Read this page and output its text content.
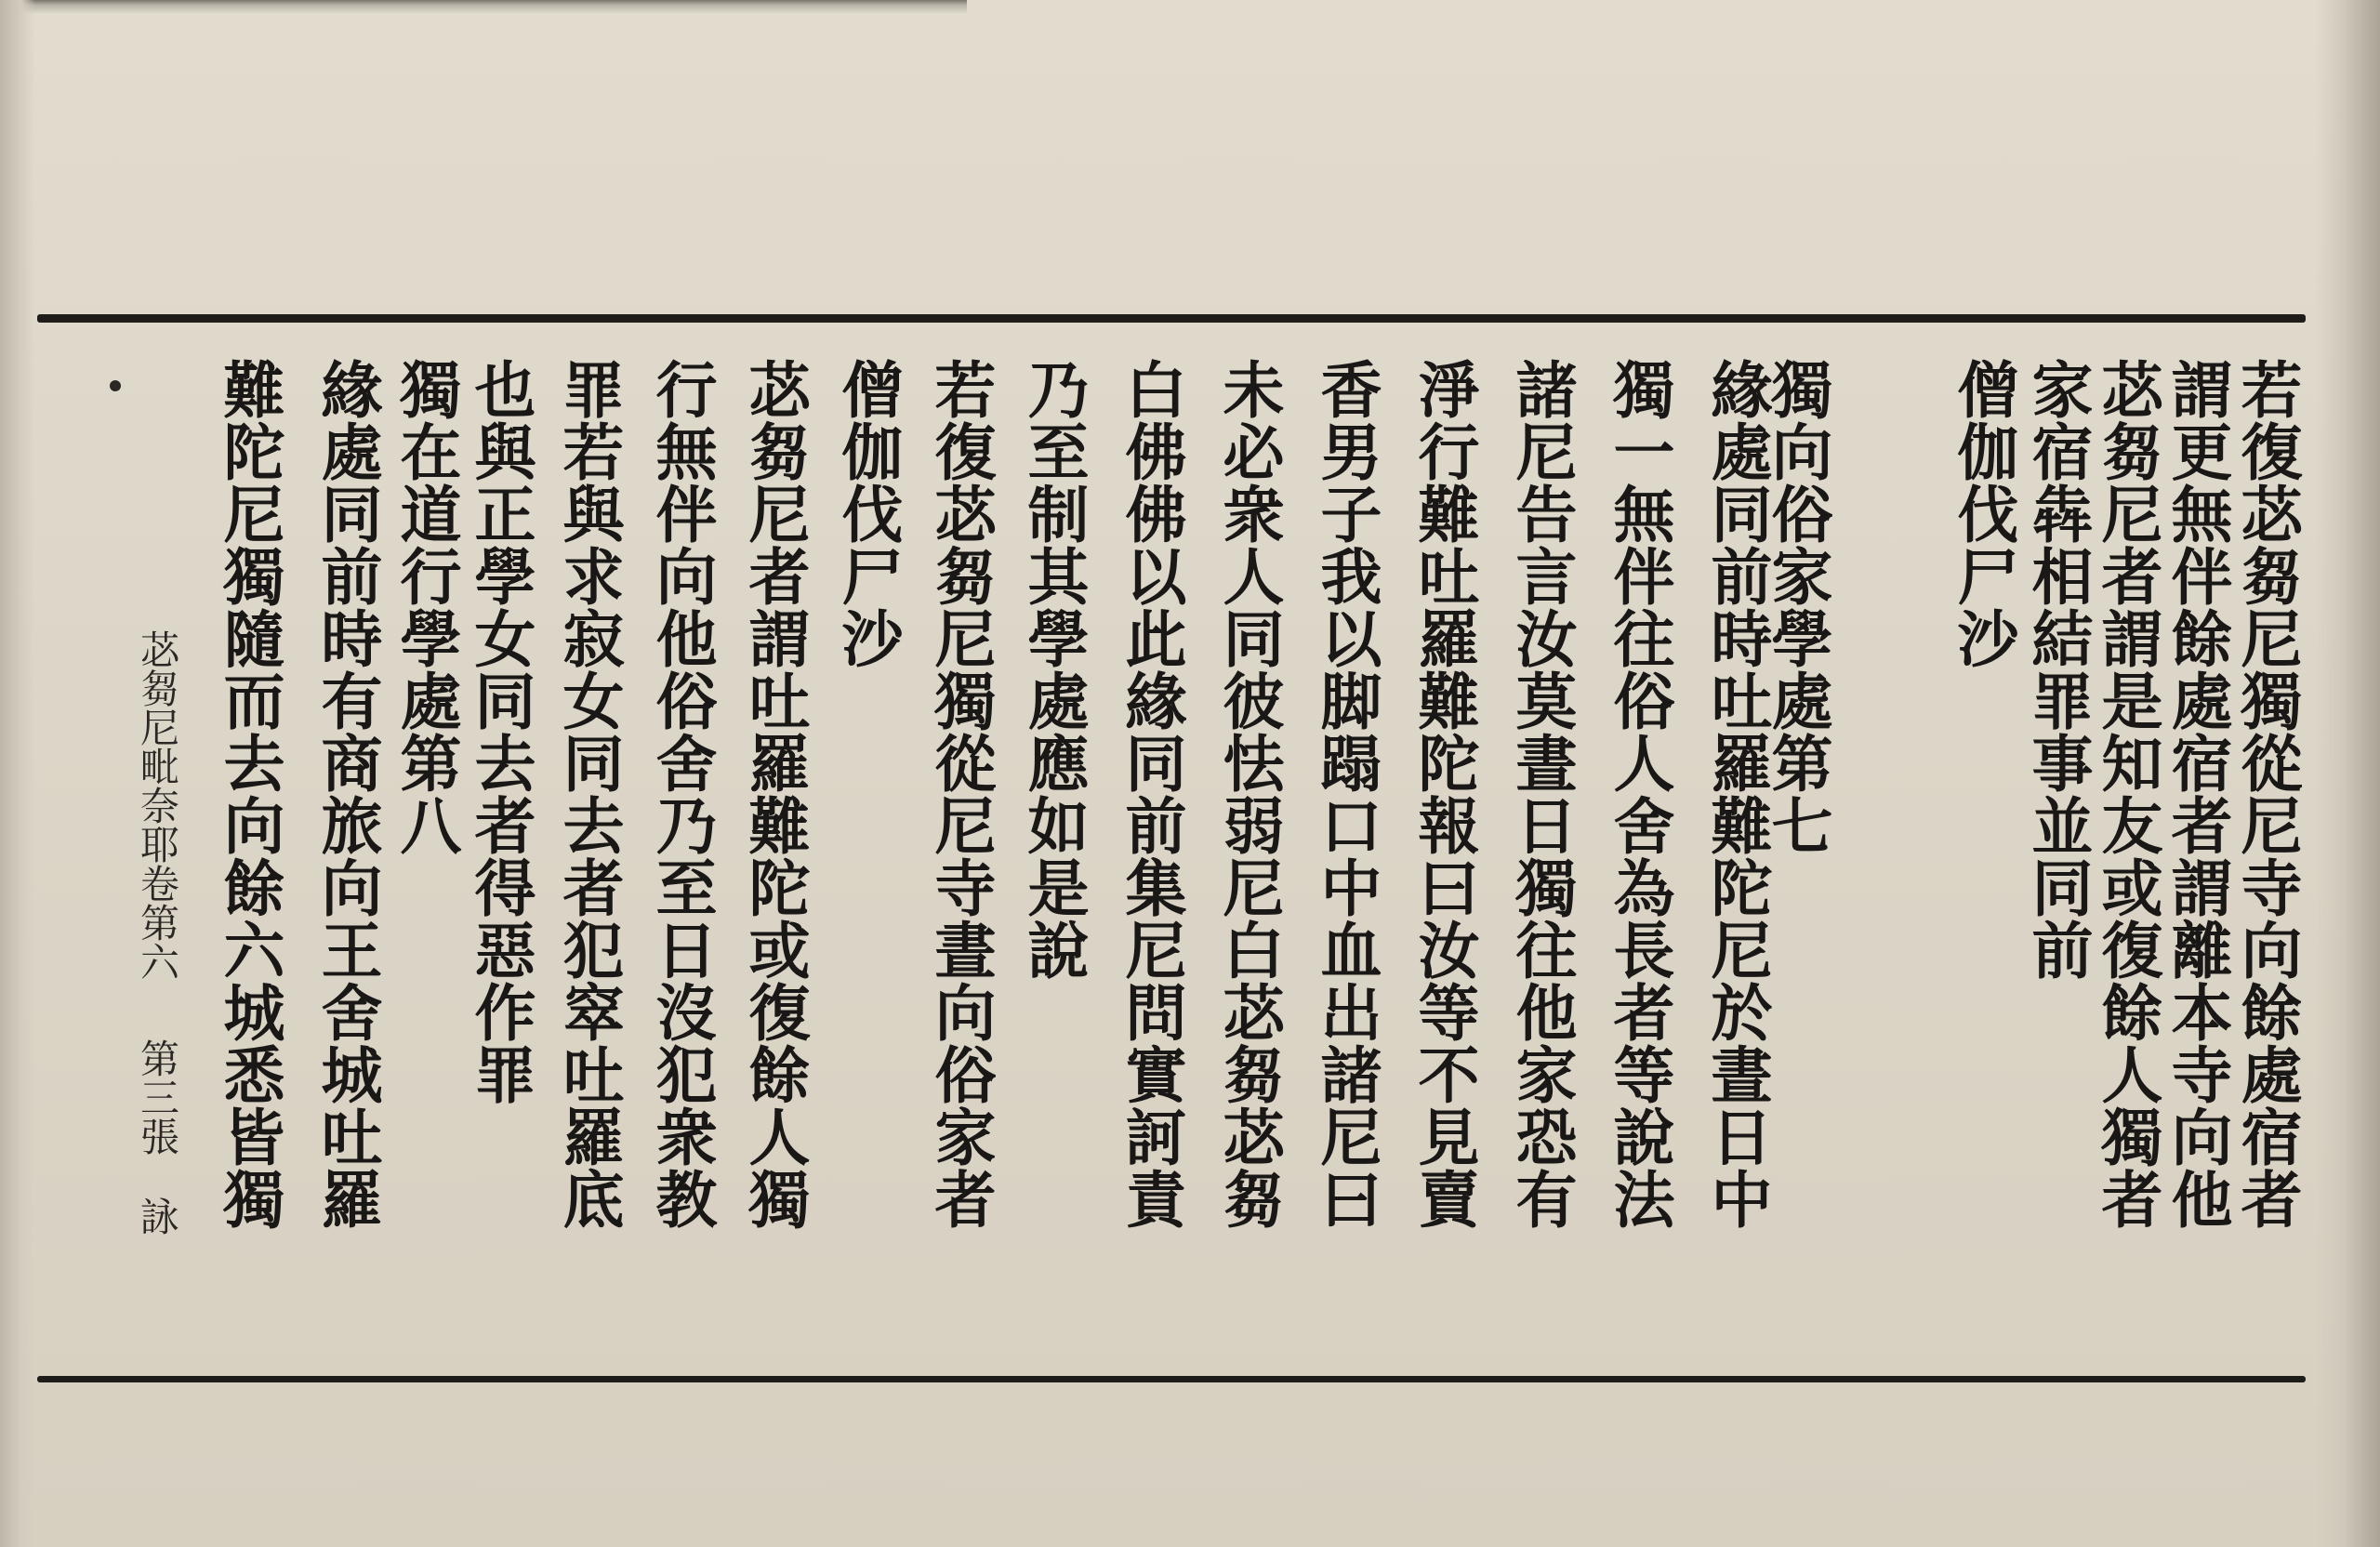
若復苾芻尼獨從尼寺向餘處宿者
謂更無伴餘處宿者謂離本寺向他
苾芻尼者謂是知友或復餘人獨者
家宿犇相結罪事並同前
僧伽伐尸沙
緣處同前時吐羅難陀尼於晝日中
獨向俗家學處第七
獨一無伴往俗人舍為長者等說法
諸尼告言汝莫晝日獨往他家恐有
淨行難吐羅難陀報曰汝等不見賣
香男子我以脚蹋口中血出諸尼曰
未必衆人同彼怯弱尼白苾芻苾芻
白佛佛以此緣同前集尼問實訶責
乃至制其學處應如是說
若復苾芻尼獨從尼寺晝向俗家者
僧伽伐尸沙
苾芻尼者謂吐羅難陀或復餘人獨
行無伴向他俗舍乃至日沒犯衆教
罪若與求寂女同去者犯窣吐羅底
也與正學女同去者得惡作罪
獨在道行學處第八
緣處同前時有商旅向王舍城吐羅
難陀尼獨隨而去向餘六城悉皆獨
苾芻尼毗奈耶卷第六
第三張
詠
